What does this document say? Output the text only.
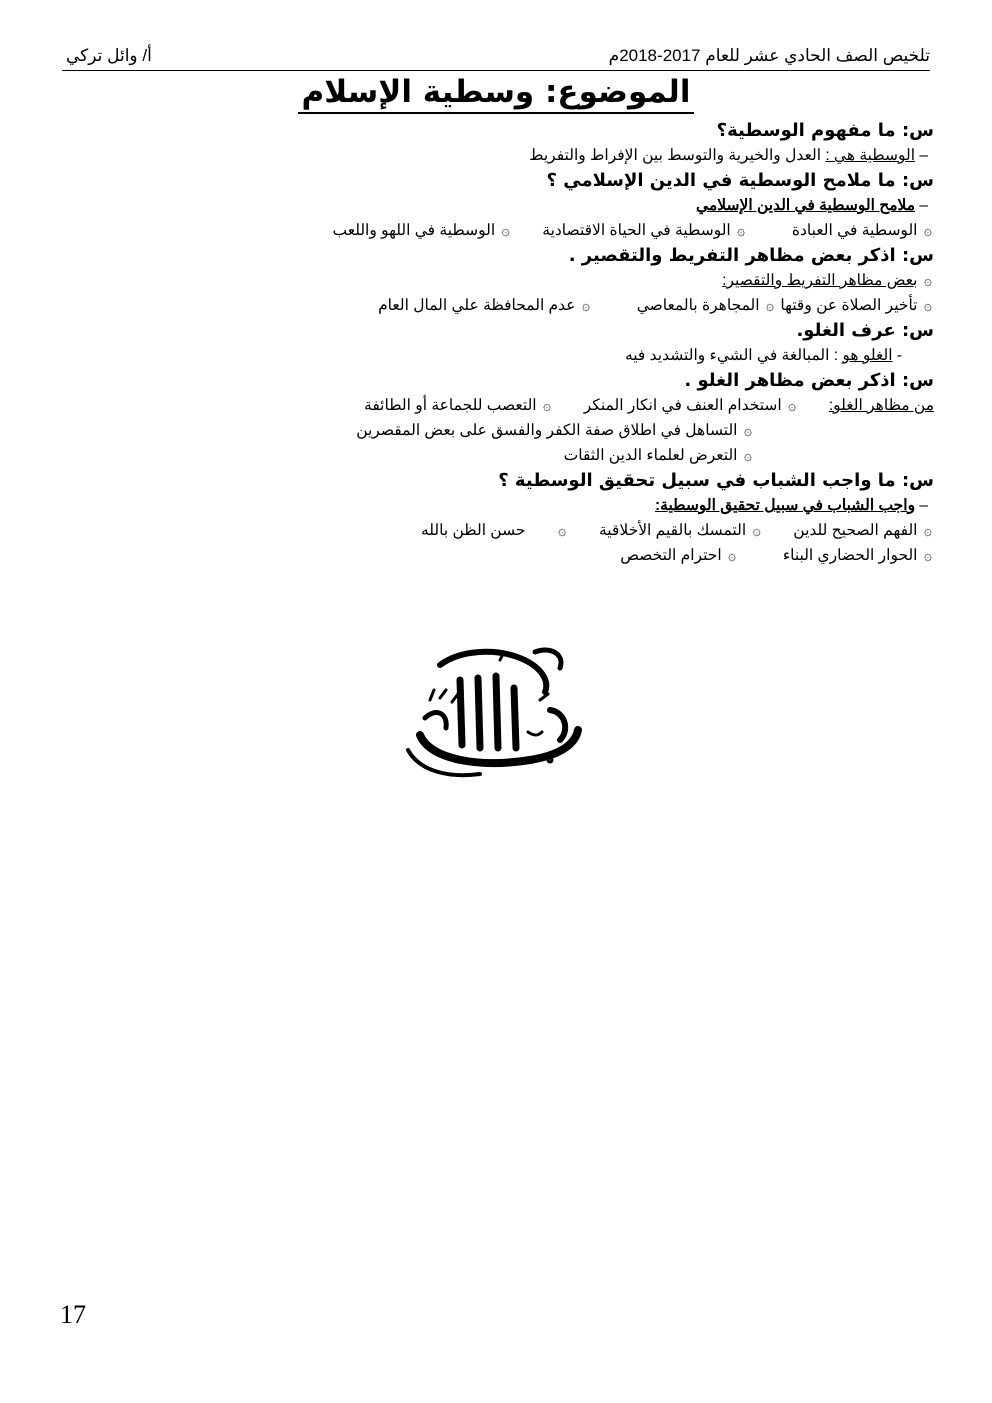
تلخيص الصف الحادي عشر للعام 2017-2018م
أ/ وائل تركي
الموضوع: وسطية الإسلام
س: ما مفهوم الوسطية؟
– الوسطية هي : العدل والخيرية والتوسط بين الإفراط والتفريط
س: ما ملامح الوسطية في الدين الإسلامي ؟
– ملامح الوسطية في الدين الإسلامي
۞ الوسطية في العبادة  ۞ الوسطية في الحياة الاقتصادية  ۞ الوسطية في اللهو واللعب
س: اذكر بعض مظاهر التفريط والتقصير .
۞ بعض مظاهر التفريط والتقصير:
۞ تأخير الصلاة عن وقتها ۞ المجاهرة بالمعاصي  ۞ عدم المحافظة علي المال العام
س: عرف الغلو.
- الغلو هو : المبالغة في الشيء والتشديد فيه
س: اذكر بعض مظاهر الغلو .
من مظاهر الغلو:  ۞ استخدام العنف في انكار المنكر  ۞ التعصب للجماعة أو الطائفة
۞ التساهل في اطلاق صفة الكفر والفسق على بعض المقصرين
۞ التعرض لعلماء الدين الثقات
س: ما واجب الشباب في سبيل تحقيق الوسطية ؟
– واجب الشباب في سبيل تحقيق الوسطية:
۞ الفهم الصحيح للدين  ۞ التمسك بالقيم الأخلاقية  ۞  حسن الظن بالله
۞ الحوار الحضاري البناء  ۞ احترام التخصص
17
